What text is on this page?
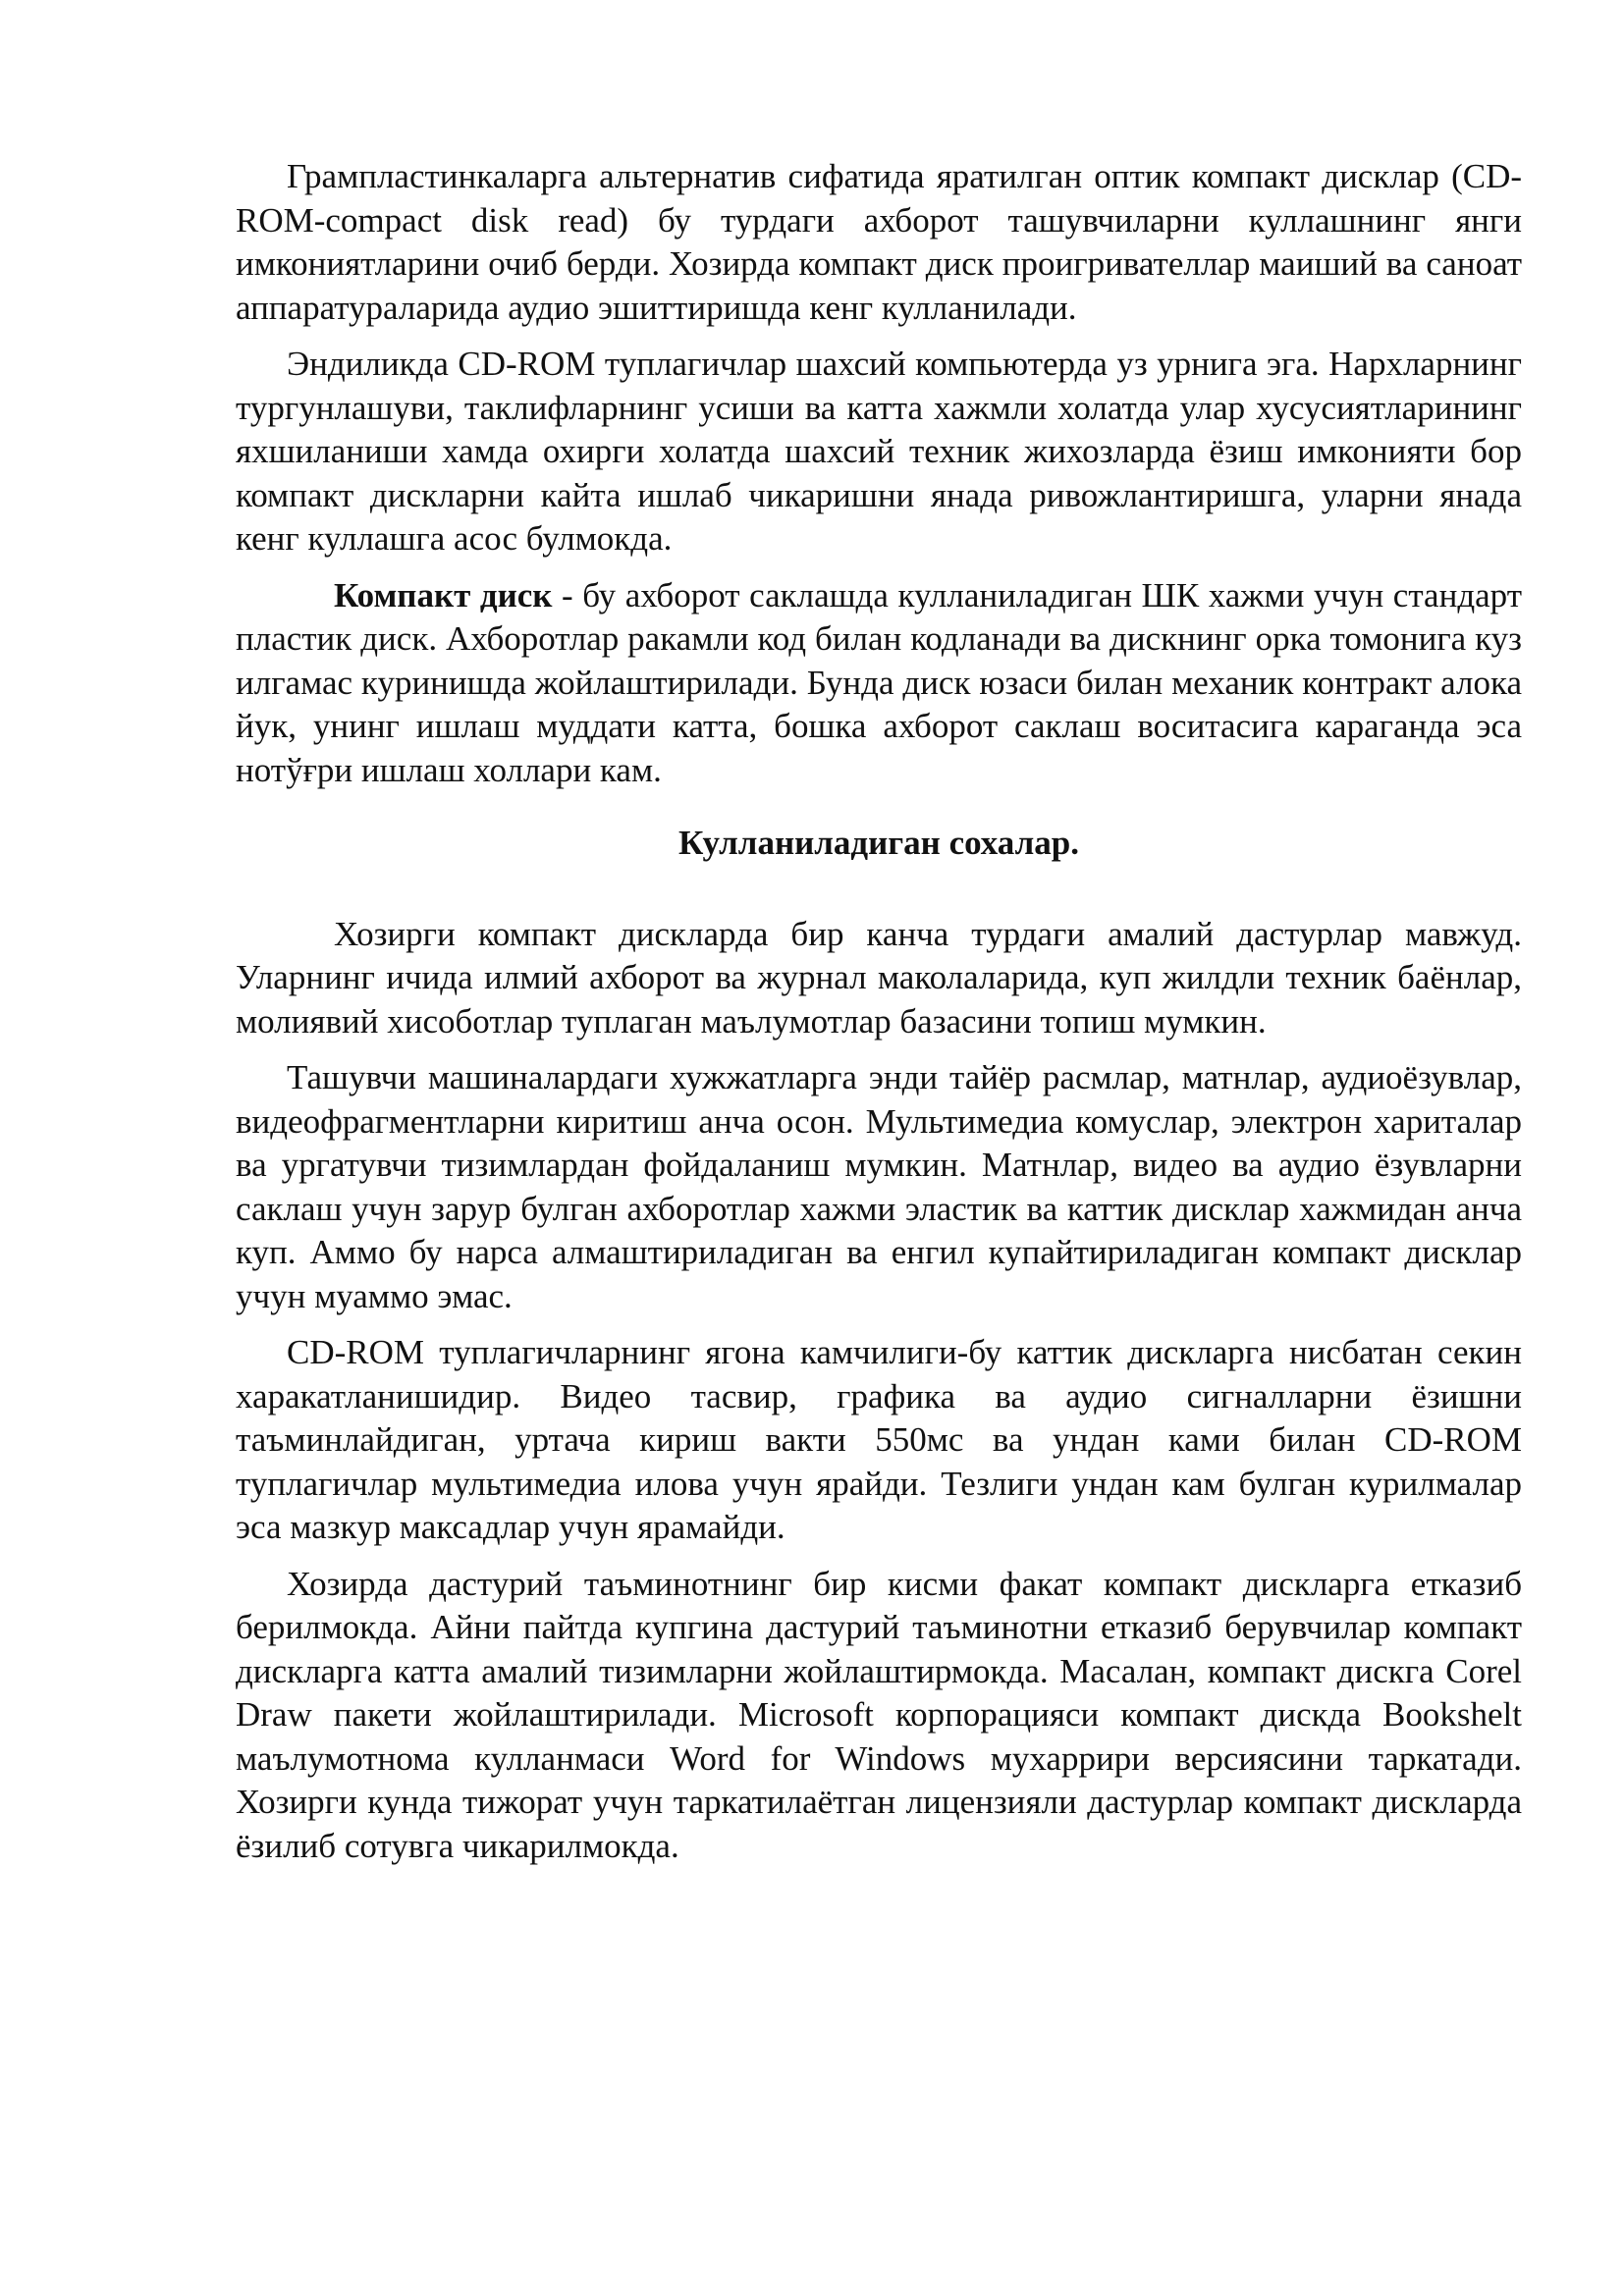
Грампластинкаларга альтернатив сифатида яратилган оптик компакт дисклар (CD-ROM-compact disk read) бу турдаги ахборот ташувчиларни куллашнинг янги имкониятларини очиб берди. Хозирда компакт диск проигривателлар маиший ва саноат аппаратураларида аудио эшиттиришда кенг кулланилади.

Эндиликда CD-ROM туплагичлар шахсий компьютерда уз урнига эга. Нархларнинг тургунлашуви, таклифларнинг усиши ва катта хажмли холатда улар хусусиятларининг яхшиланиши хамда охирги холатда шахсий техник жихозларда ёзиш имконияти бор компакт дискларни кайта ишлаб чикаришни янада ривожлантиришга, уларни янада кенг куллашга асос булмокда.

Компакт диск - бу ахборот саклашда кулланиладиган ШК хажми учун стандарт пластик диск. Ахборотлар ракамли код билан кодланади ва дискнинг орка томонига куз илгамас куринишда жойлаштирилади. Бунда диск юзаси билан механик контракт алока йук, унинг ишлаш муддати катта, бошка ахборот саклаш воситасига караганда эса нотўғри ишлаш холлари кам.

Кулланиладиган сохалар.

Хозирги компакт дискларда бир канча турдаги амалий дастурлар мавжуд. Уларнинг ичида илмий ахборот ва журнал маколаларида, куп жилдли техник баёнлар, молиявий хисоботлар туплаган маълумотлар базасини топиш мумкин.

Ташувчи машиналардаги хужжатларга энди тайёр расмлар, матнлар, аудиоёзувлар, видеофрагментларни киритиш анча осон. Мультимедиа комуслар, электрон хариталар ва ургатувчи тизимлардан фойдаланиш мумкин. Матнлар, видео ва аудио ёзувларни саклаш учун зарур булган ахборотлар хажми эластик ва каттик дисклар хажмидан анча куп. Аммо бу нарса алмаштириладиган ва енгил купайтириладиган компакт дисклар учун муаммо эмас.

CD-ROM туплагичларнинг ягона камчилиги-бу каттик дискларга нисбатан секин харакатланишидир. Видео тасвир, графика ва аудио сигналларни ёзишни таъминлайдиган, уртача кириш вакти 550мс ва ундан ками билан CD-ROM туплагичлар мультимедиа илова учун ярайди. Тезлиги ундан кам булган курилмалар эса мазкур максадлар учун ярамайди.

Хозирда дастурий таъминотнинг бир кисми факат компакт дискларга етказиб берилмокда. Айни пайтда купгина дастурий таъминотни етказиб берувчилар компакт дискларга катта амалий тизимларни жойлаштирмокда. Масалан, компакт дискга Corel Draw пакети жойлаштирилади. Microsoft корпорацияси компакт дискда Bookshelt маълумотнома кулланмаси Word for Windows мухаррири версиясини таркатади. Хозирги кунда тижорат учун таркатилаётган лицензияли дастурлар компакт дискларда ёзилиб сотувга чикарилмокда.
